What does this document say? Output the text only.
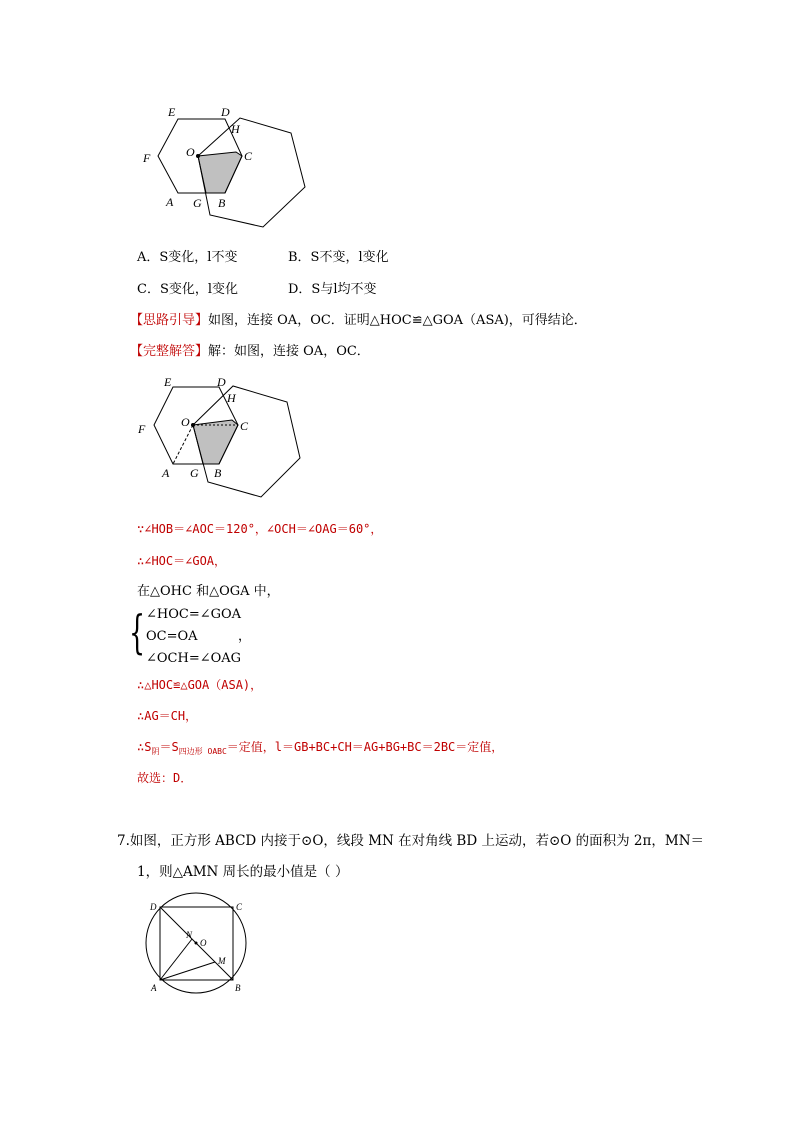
E	D
H
O	C
F
A G B
A．S变化，l不变	B．S不变，l变化
C．S变化，l变化	D．S与l均不变
【思路引导】如图，连接 OA，OC．证明△HOC≌△GOA（ASA)，可得结论．
【完整解答】解：如图，连接 OA，OC．
E	D
H
O	C
F
A G B
∵∠HOB＝∠AOC＝120°，∠OCH＝∠OAG＝60°，
∴∠HOC＝∠GOA，
在△OHC 和△OGA 中，
{ ∠HOC=∠GOA
OC=OA	，
∠OCH=∠OAG
∴△HOC≌△GOA（ASA)，
∴AG＝CH，
$\therefore S_阴=S_{四边形 OABC}=$定值，l＝GB+BC+CH＝AG+BG+BC＝2BC＝定值，
故选：D．
7.如图，正方形 ABCD 内接于⊙O，线段 MN 在对角线 BD 上运动，若⊙O 的面积为 2π，MN＝
1，则△AMN 周长的最小值是（ ）
D	C
N
O
M
A	B
